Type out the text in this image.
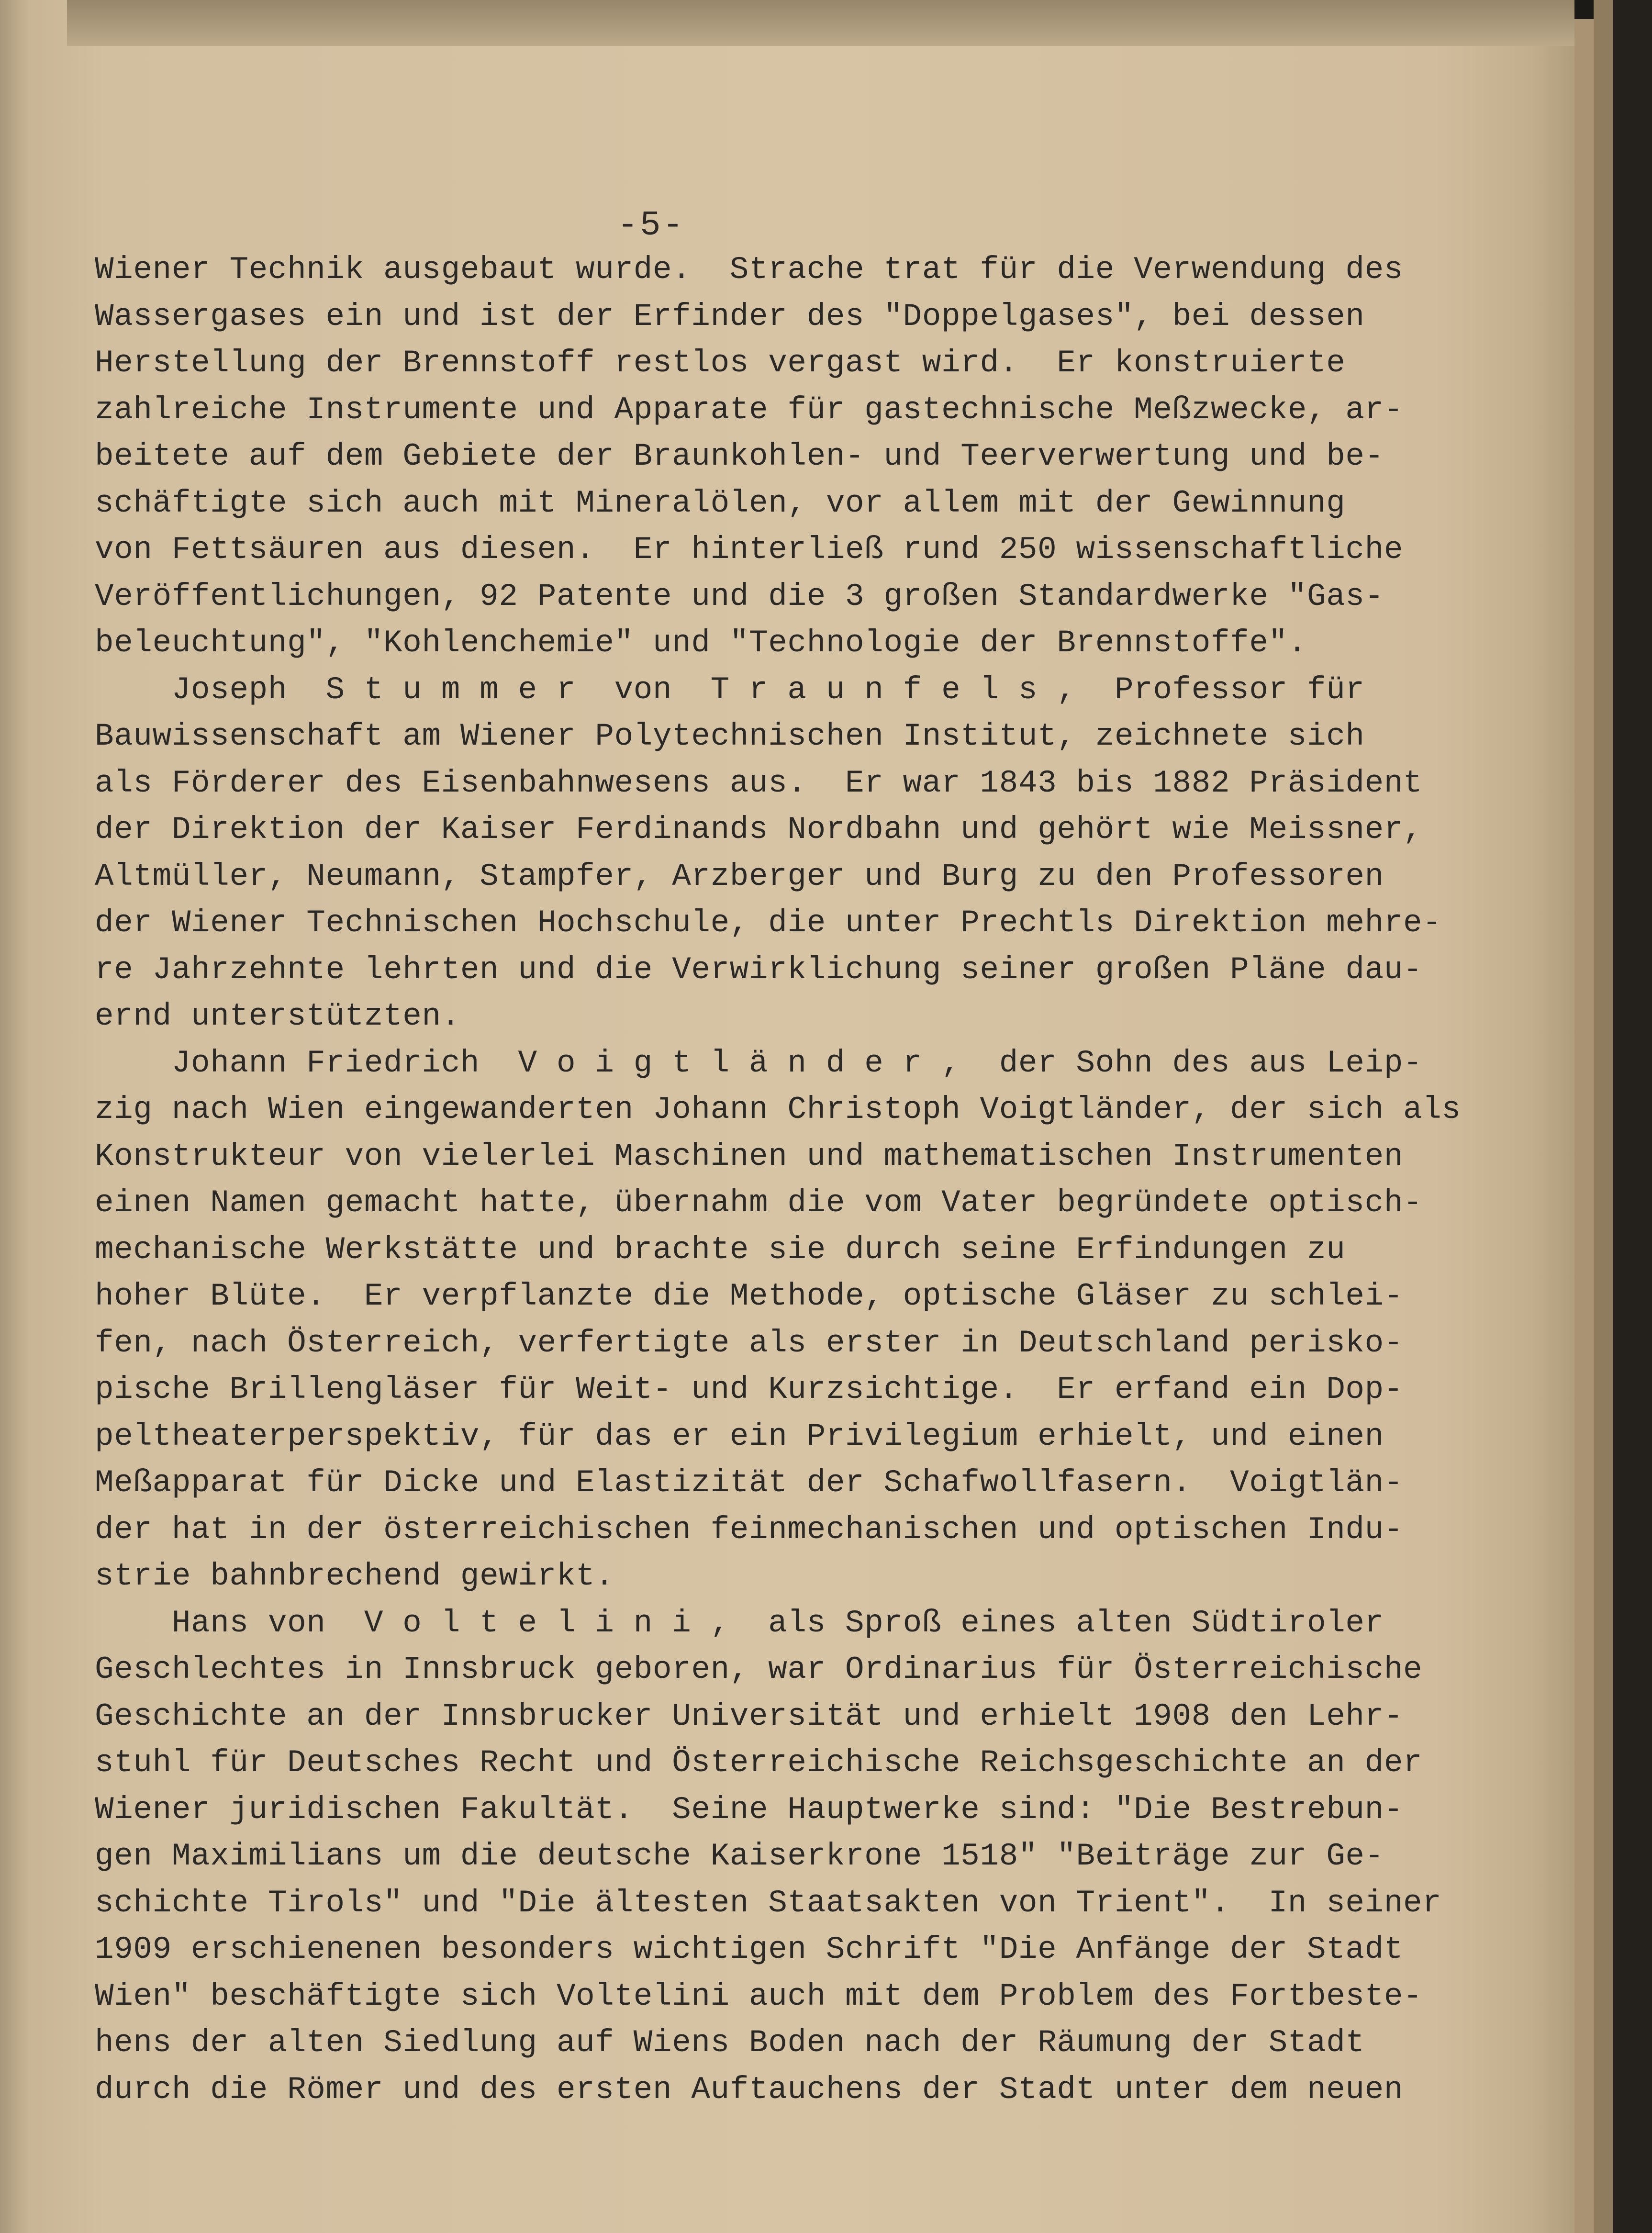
-5-
Wiener Technik ausgebaut wurde.  Strache trat für die Verwendung des
Wassergases ein und ist der Erfinder des "Doppelgases", bei dessen
Herstellung der Brennstoff restlos vergast wird.  Er konstruierte
zahlreiche Instrumente und Apparate für gastechnische Meßzwecke, ar-
beitete auf dem Gebiete der Braunkohlen- und Teerverwertung und be-
schäftigte sich auch mit Mineralölen, vor allem mit der Gewinnung
von Fettsäuren aus diesen.  Er hinterließ rund 250 wissenschaftliche
Veröffentlichungen, 92 Patente und die 3 großen Standardwerke "Gas-
beleuchtung", "Kohlenchemie" und "Technologie der Brennstoffe".
Joseph  S t u m m e r  von  T r a u n f e l s ,  Professor für
Bauwissenschaft am Wiener Polytechnischen Institut, zeichnete sich
als Förderer des Eisenbahnwesens aus.  Er war 1843 bis 1882 Präsident
der Direktion der Kaiser Ferdinands Nordbahn und gehört wie Meissner,
Altmüller, Neumann, Stampfer, Arzberger und Burg zu den Professoren
der Wiener Technischen Hochschule, die unter Prechtls Direktion mehre-
re Jahrzehnte lehrten und die Verwirklichung seiner großen Pläne dau-
ernd unterstützten.
Johann Friedrich  V o i g t l ä n d e r ,  der Sohn des aus Leip-
zig nach Wien eingewanderten Johann Christoph Voigtländer, der sich als
Konstrukteur von vielerlei Maschinen und mathematischen Instrumenten
einen Namen gemacht hatte, übernahm die vom Vater begründete optisch-
mechanische Werkstätte und brachte sie durch seine Erfindungen zu
hoher Blüte.  Er verpflanzte die Methode, optische Gläser zu schlei-
fen, nach Österreich, verfertigte als erster in Deutschland perisko-
pische Brillengläser für Weit- und Kurzsichtige.  Er erfand ein Dop-
peltheaterperspektiv, für das er ein Privilegium erhielt, und einen
Meßapparat für Dicke und Elastizität der Schafwollfasern.  Voigtlän-
der hat in der österreichischen feinmechanischen und optischen Indu-
strie bahnbrechend gewirkt.
Hans von  V o l t e l i n i ,  als Sproß eines alten Südtiroler
Geschlechtes in Innsbruck geboren, war Ordinarius für Österreichische
Geschichte an der Innsbrucker Universität und erhielt 1908 den Lehr-
stuhl für Deutsches Recht und Österreichische Reichsgeschichte an der
Wiener juridischen Fakultät.  Seine Hauptwerke sind: "Die Bestrebun-
gen Maximilians um die deutsche Kaiserkrone 1518" "Beiträge zur Ge-
schichte Tirols" und "Die ältesten Staatsakten von Trient".  In seiner
1909 erschienenen besonders wichtigen Schrift "Die Anfänge der Stadt
Wien" beschäftigte sich Voltelini auch mit dem Problem des Fortbeste-
hens der alten Siedlung auf Wiens Boden nach der Räumung der Stadt
durch die Römer und des ersten Auftauchens der Stadt unter dem neuen
